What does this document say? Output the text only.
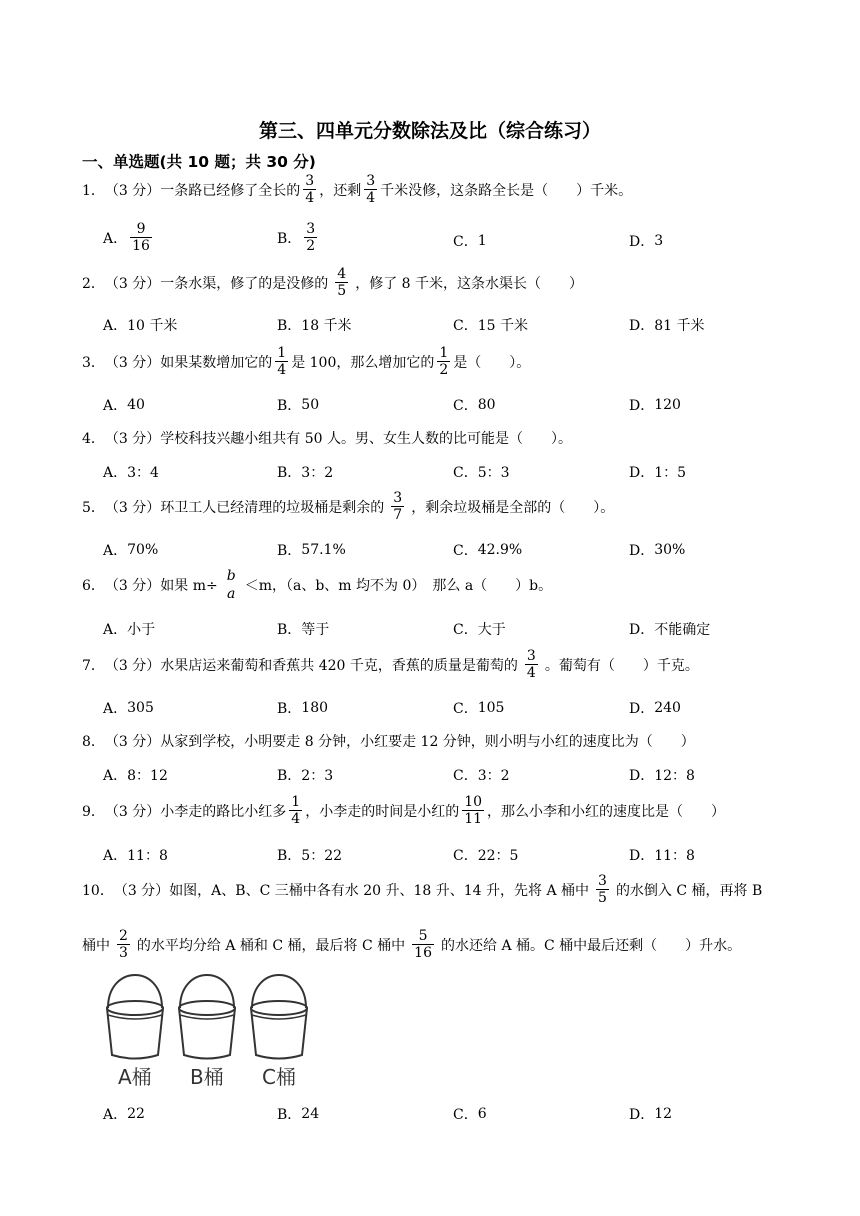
第三、四单元分数除法及比（综合练习）
一、单选题(共 10 题；共 30 分)
1． （3 分） 一条路已经修了全长的 $\frac{3}{4}$ ，还剩 $\frac{3}{4}$ 千米没修，这条路全长是（　　）千米。
A． $\frac{9}{16}$	B． $\frac{3}{2}$	C． 1	D． 3
2． （3 分） 一条水渠，修了的是没修的 $\frac{4}{5}$ ，修了 8 千米，这条水渠长（　　）
A． 10 千米	B． 18 千米	C． 15 千米	D． 81 千米
3． （3 分） 如果某数增加它的 $\frac{1}{4}$ 是 100，那么增加它的 $\frac{1}{2}$ 是（　　）。
A． 40	B． 50	C． 80	D． 120
4． （3 分） 学校科技兴趣小组共有 50 人。男、女生人数的比可能是（　　）。
A． 3：4	B． 3：2	C． 5：3	D． 1：5
5． （3 分） 环卫工人已经清理的垃圾桶是剩余的 $\frac{3}{7}$ ，剩余垃圾桶是全部的（　　）。
A． 70%	B． 57.1%	C． 42.9%	D． 30%
6． （3 分） 如果 m÷
b
a ＜m，（a、b、m 均不为 0）　那么 a（　　）b。
A． 小于	B． 等于	C． 大于	D． 不能确定
7． （3 分） 水果店运来葡萄和香蕉共 420 千克，香蕉的质量是葡萄的 $\frac{3}{4}$ 。葡萄有（　　）千克。
A． 305	B． 180	C． 105	D． 240
8． （3 分） 从家到学校，小明要走 8 分钟，小红要走 12 分钟，则小明与小红的速度比为（　　）
A． 8：12	B． 2：3	C． 3：2	D． 12：8
9． （3 分） 小李走的路比小红多 $\frac{1}{4}$ ，小李走的时间是小红的 $\frac{10}{11}$ ，那么小李和小红的速度比是（　　）
A． 11：8	B． 5：22	C． 22：5	D． 11：8
10． （3 分） 如图，A、B、C 三桶中各有水 20 升、18 升、14 升，先将 A 桶中 $\frac{3}{5}$ 的水倒入 C 桶，再将 B
桶中 $\frac{2}{3}$ 的水平均分给 A 桶和 C 桶，最后将 C 桶中 $\frac{5}{16}$ 的水还给 A 桶。C 桶中最后还剩（　　）升水。
A桶 B桶 C桶
A． 22	B． 24	C． 6	D． 12
